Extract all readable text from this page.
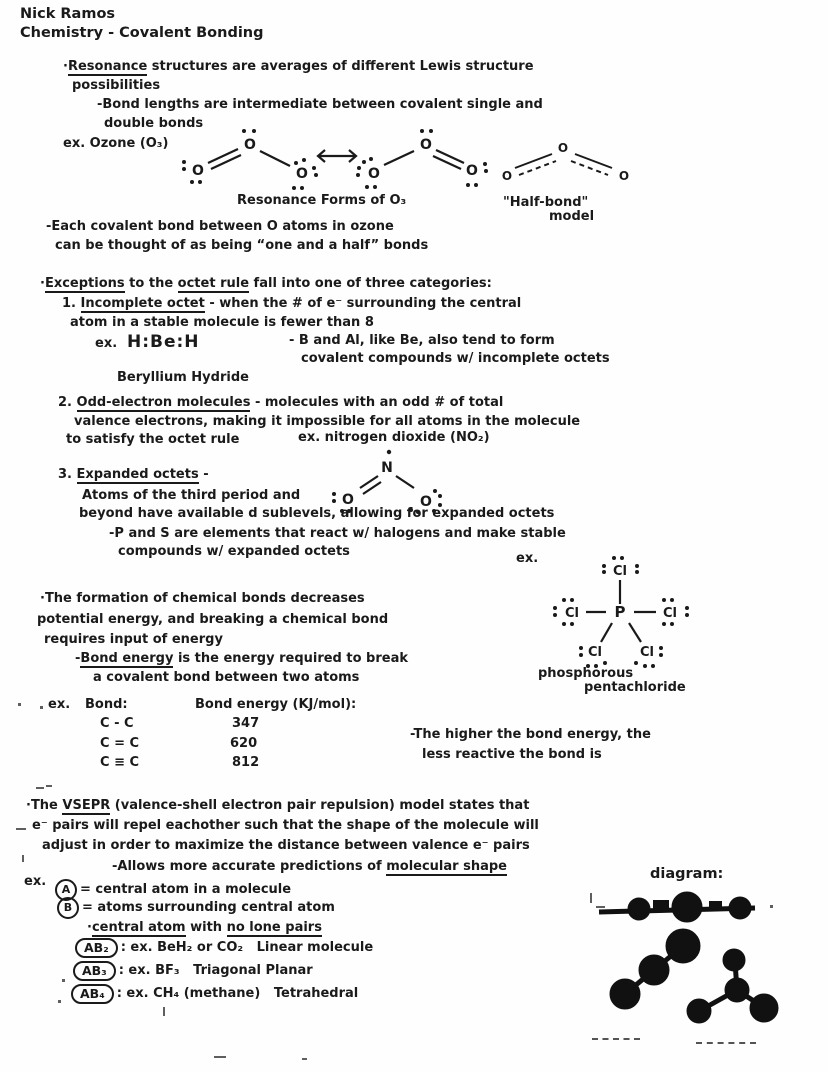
Nick Ramos
Chemistry - Covalent Bonding
·Resonance structures are averages of different Lewis structure
possibilities
-Bond lengths are intermediate between covalent single and
double bonds
ex. Ozone (O₃)
O
O
O	O
O
O O
O
O
Resonance Forms of O₃	"Half-bond"
model
-Each covalent bond between O atoms in ozone
can be thought of as being “one and a half” bonds
·Exceptions to the octet rule fall into one of three categories:
1. Incomplete octet - when the # of e⁻ surrounding the central
atom in a stable molecule is fewer than 8
ex. H:Be:H	- B and Al, like Be, also tend to form
covalent compounds w/ incomplete octets
Beryllium Hydride
2. Odd-electron molecules - molecules with an odd # of total
valence electrons, making it impossible for all atoms in the molecule
to satisfy the octet rule	ex. nitrogen dioxide (NO₂)
N
O	O
3. Expanded octets -
Atoms of the third period and
beyond have available d sublevels, allowing for expanded octets
-P and S are elements that react w/ halogens and make stable
compounds w/ expanded octets	ex.
P
Cl
Cl	Cl
Cl	Cl
phosphorous
pentachloride
·The formation of chemical bonds decreases
potential energy, and breaking a chemical bond
requires input of energy
-Bond energy is the energy required to break
a covalent bond between two atoms
ex. Bond:	Bond energy (KJ/mol):
C - C	347
C = C	620
C ≡ C	812
-The higher the bond energy, the
less reactive the bond is
·The VSEPR (valence-shell electron pair repulsion) model states that
e⁻ pairs will repel eachother such that the shape of the molecule will
adjust in order to maximize the distance between valence e⁻ pairs
-Allows more accurate predictions of molecular shape
ex.
A = central atom in a molecule
B = atoms surrounding central atom
·central atom with no lone pairs
AB₂ : ex. BeH₂ or CO₂   Linear molecule
AB₃ : ex. BF₃   Triagonal Planar
AB₄ : ex. CH₄ (methane)   Tetrahedral
diagram:
